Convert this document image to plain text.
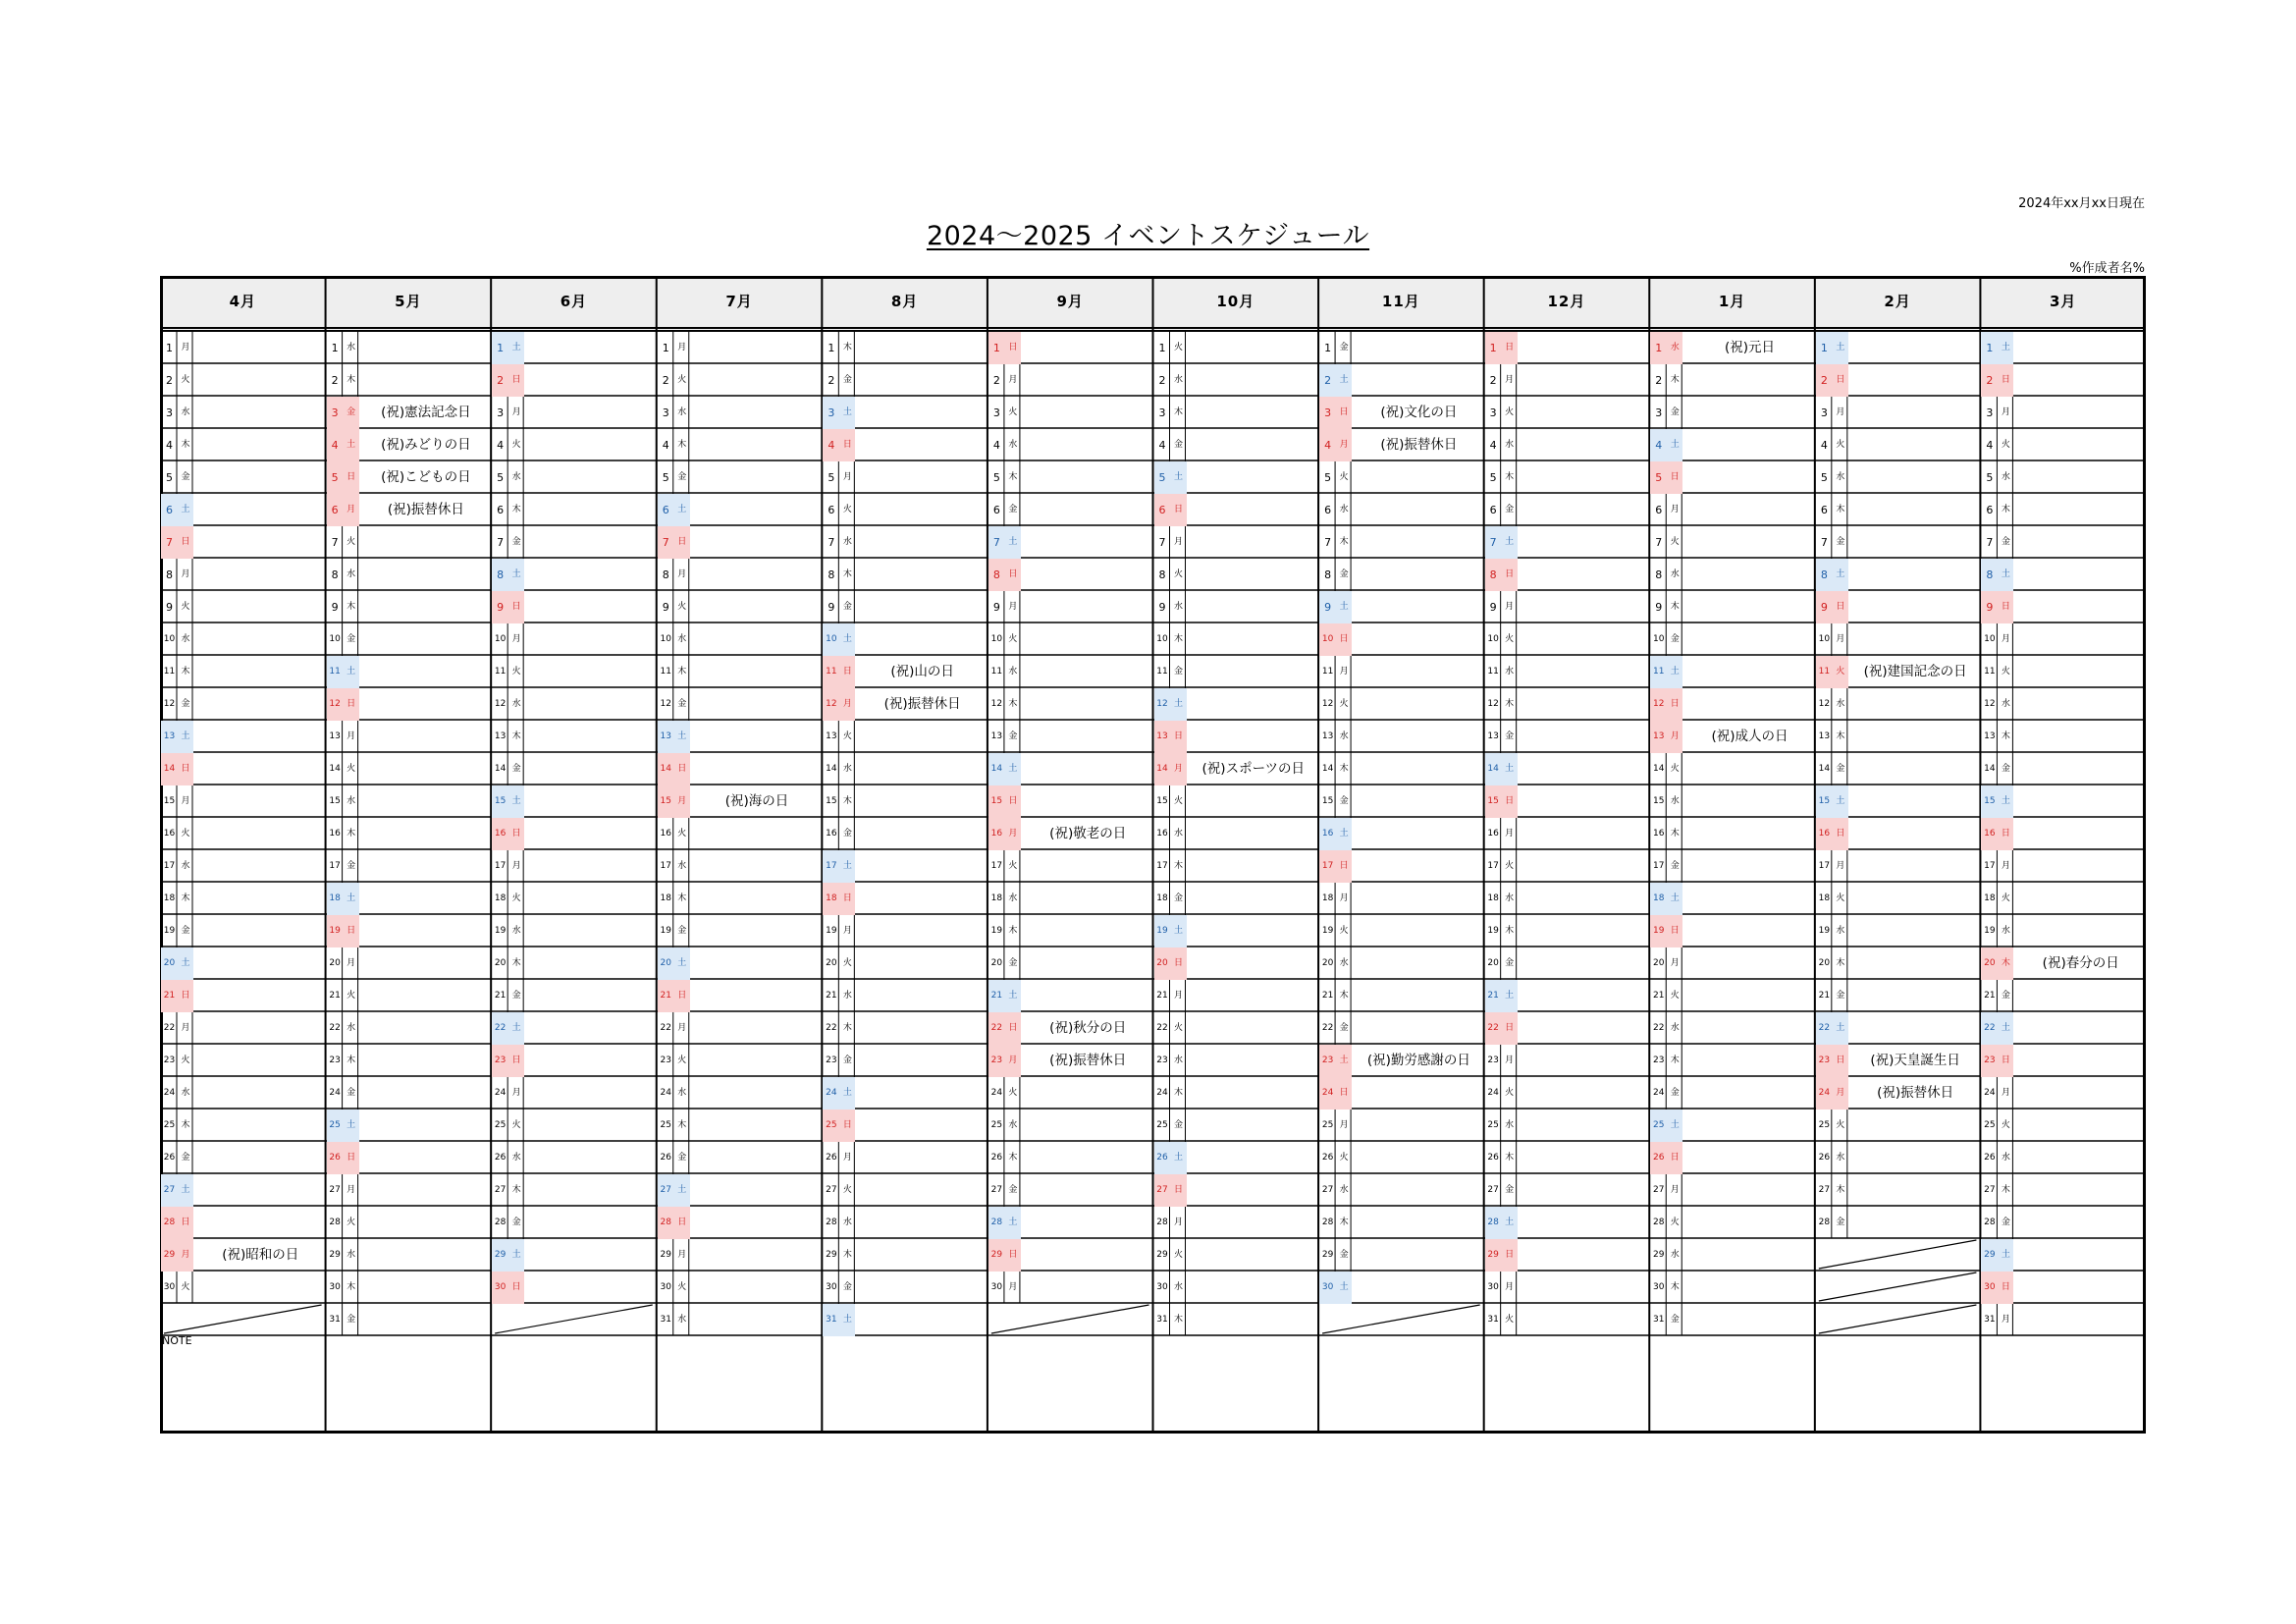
2024年xx月xx日現在
2024～2025 イベントスケジュール
%作成者名%
NOTE
4月
1 月
2 火
3 水
4 木
5 金
6 土
7 日
8 月
9 火
10 水
11 木
12 金
13 土
14 日
15 月
16 火
17 水
18 木
19 金
20 土
21 日
22 月
23 火
24 水
25 木
26 金
27 土
28 日
29 月	(祝)昭和の日
30 火
5月
1 水
2 木
3 金	(祝)憲法記念日
4 土	(祝)みどりの日
5 日	(祝)こどもの日
6 月	(祝)振替休日
7 火
8 水
9 木
10 金
11 土
12 日
13 月
14 火
15 水
16 木
17 金
18 土
19 日
20 月
21 火
22 水
23 木
24 金
25 土
26 日
27 月
28 火
29 水
30 木
31 金
6月
1 土
2 日
3 月
4 火
5 水
6 木
7 金
8 土
9 日
10 月
11 火
12 水
13 木
14 金
15 土
16 日
17 月
18 火
19 水
20 木
21 金
22 土
23 日
24 月
25 火
26 水
27 木
28 金
29 土
30 日
7月
1 月
2 火
3 水
4 木
5 金
6 土
7 日
8 月
9 火
10 水
11 木
12 金
13 土
14 日
15 月	(祝)海の日
16 火
17 水
18 木
19 金
20 土
21 日
22 月
23 火
24 水
25 木
26 金
27 土
28 日
29 月
30 火
31 水
8月
1 木
2 金
3 土
4 日
5 月
6 火
7 水
8 木
9 金
10 土
11 日	(祝)山の日
12 月	(祝)振替休日
13 火
14 水
15 木
16 金
17 土
18 日
19 月
20 火
21 水
22 木
23 金
24 土
25 日
26 月
27 火
28 水
29 木
30 金
31 土
9月
1 日
2 月
3 火
4 水
5 木
6 金
7 土
8 日
9 月
10 火
11 水
12 木
13 金
14 土
15 日
16 月	(祝)敬老の日
17 火
18 水
19 木
20 金
21 土
22 日	(祝)秋分の日
23 月	(祝)振替休日
24 火
25 水
26 木
27 金
28 土
29 日
30 月
10月
1 火
2 水
3 木
4 金
5 土
6 日
7 月
8 火
9 水
10 木
11 金
12 土
13 日
14 月	(祝)スポーツの日
15 火
16 水
17 木
18 金
19 土
20 日
21 月
22 火
23 水
24 木
25 金
26 土
27 日
28 月
29 火
30 水
31 木
11月
1 金
2 土
3 日	(祝)文化の日
4 月	(祝)振替休日
5 火
6 水
7 木
8 金
9 土
10 日
11 月
12 火
13 水
14 木
15 金
16 土
17 日
18 月
19 火
20 水
21 木
22 金
23 土	(祝)勤労感謝の日
24 日
25 月
26 火
27 水
28 木
29 金
30 土
12月
1 日
2 月
3 火
4 水
5 木
6 金
7 土
8 日
9 月
10 火
11 水
12 木
13 金
14 土
15 日
16 月
17 火
18 水
19 木
20 金
21 土
22 日
23 月
24 火
25 水
26 木
27 金
28 土
29 日
30 月
31 火
1月
1 水	(祝)元日
2 木
3 金
4 土
5 日
6 月
7 火
8 水
9 木
10 金
11 土
12 日
13 月	(祝)成人の日
14 火
15 水
16 木
17 金
18 土
19 日
20 月
21 火
22 水
23 木
24 金
25 土
26 日
27 月
28 火
29 水
30 木
31 金
2月
1 土
2 日
3 月
4 火
5 水
6 木
7 金
8 土
9 日
10 月
11 火	(祝)建国記念の日
12 水
13 木
14 金
15 土
16 日
17 月
18 火
19 水
20 木
21 金
22 土
23 日	(祝)天皇誕生日
24 月	(祝)振替休日
25 火
26 水
27 木
28 金
3月
1 土
2 日
3 月
4 火
5 水
6 木
7 金
8 土
9 日
10 月
11 火
12 水
13 木
14 金
15 土
16 日
17 月
18 火
19 水
20 木	(祝)春分の日
21 金
22 土
23 日
24 月
25 火
26 水
27 木
28 金
29 土
30 日
31 月
